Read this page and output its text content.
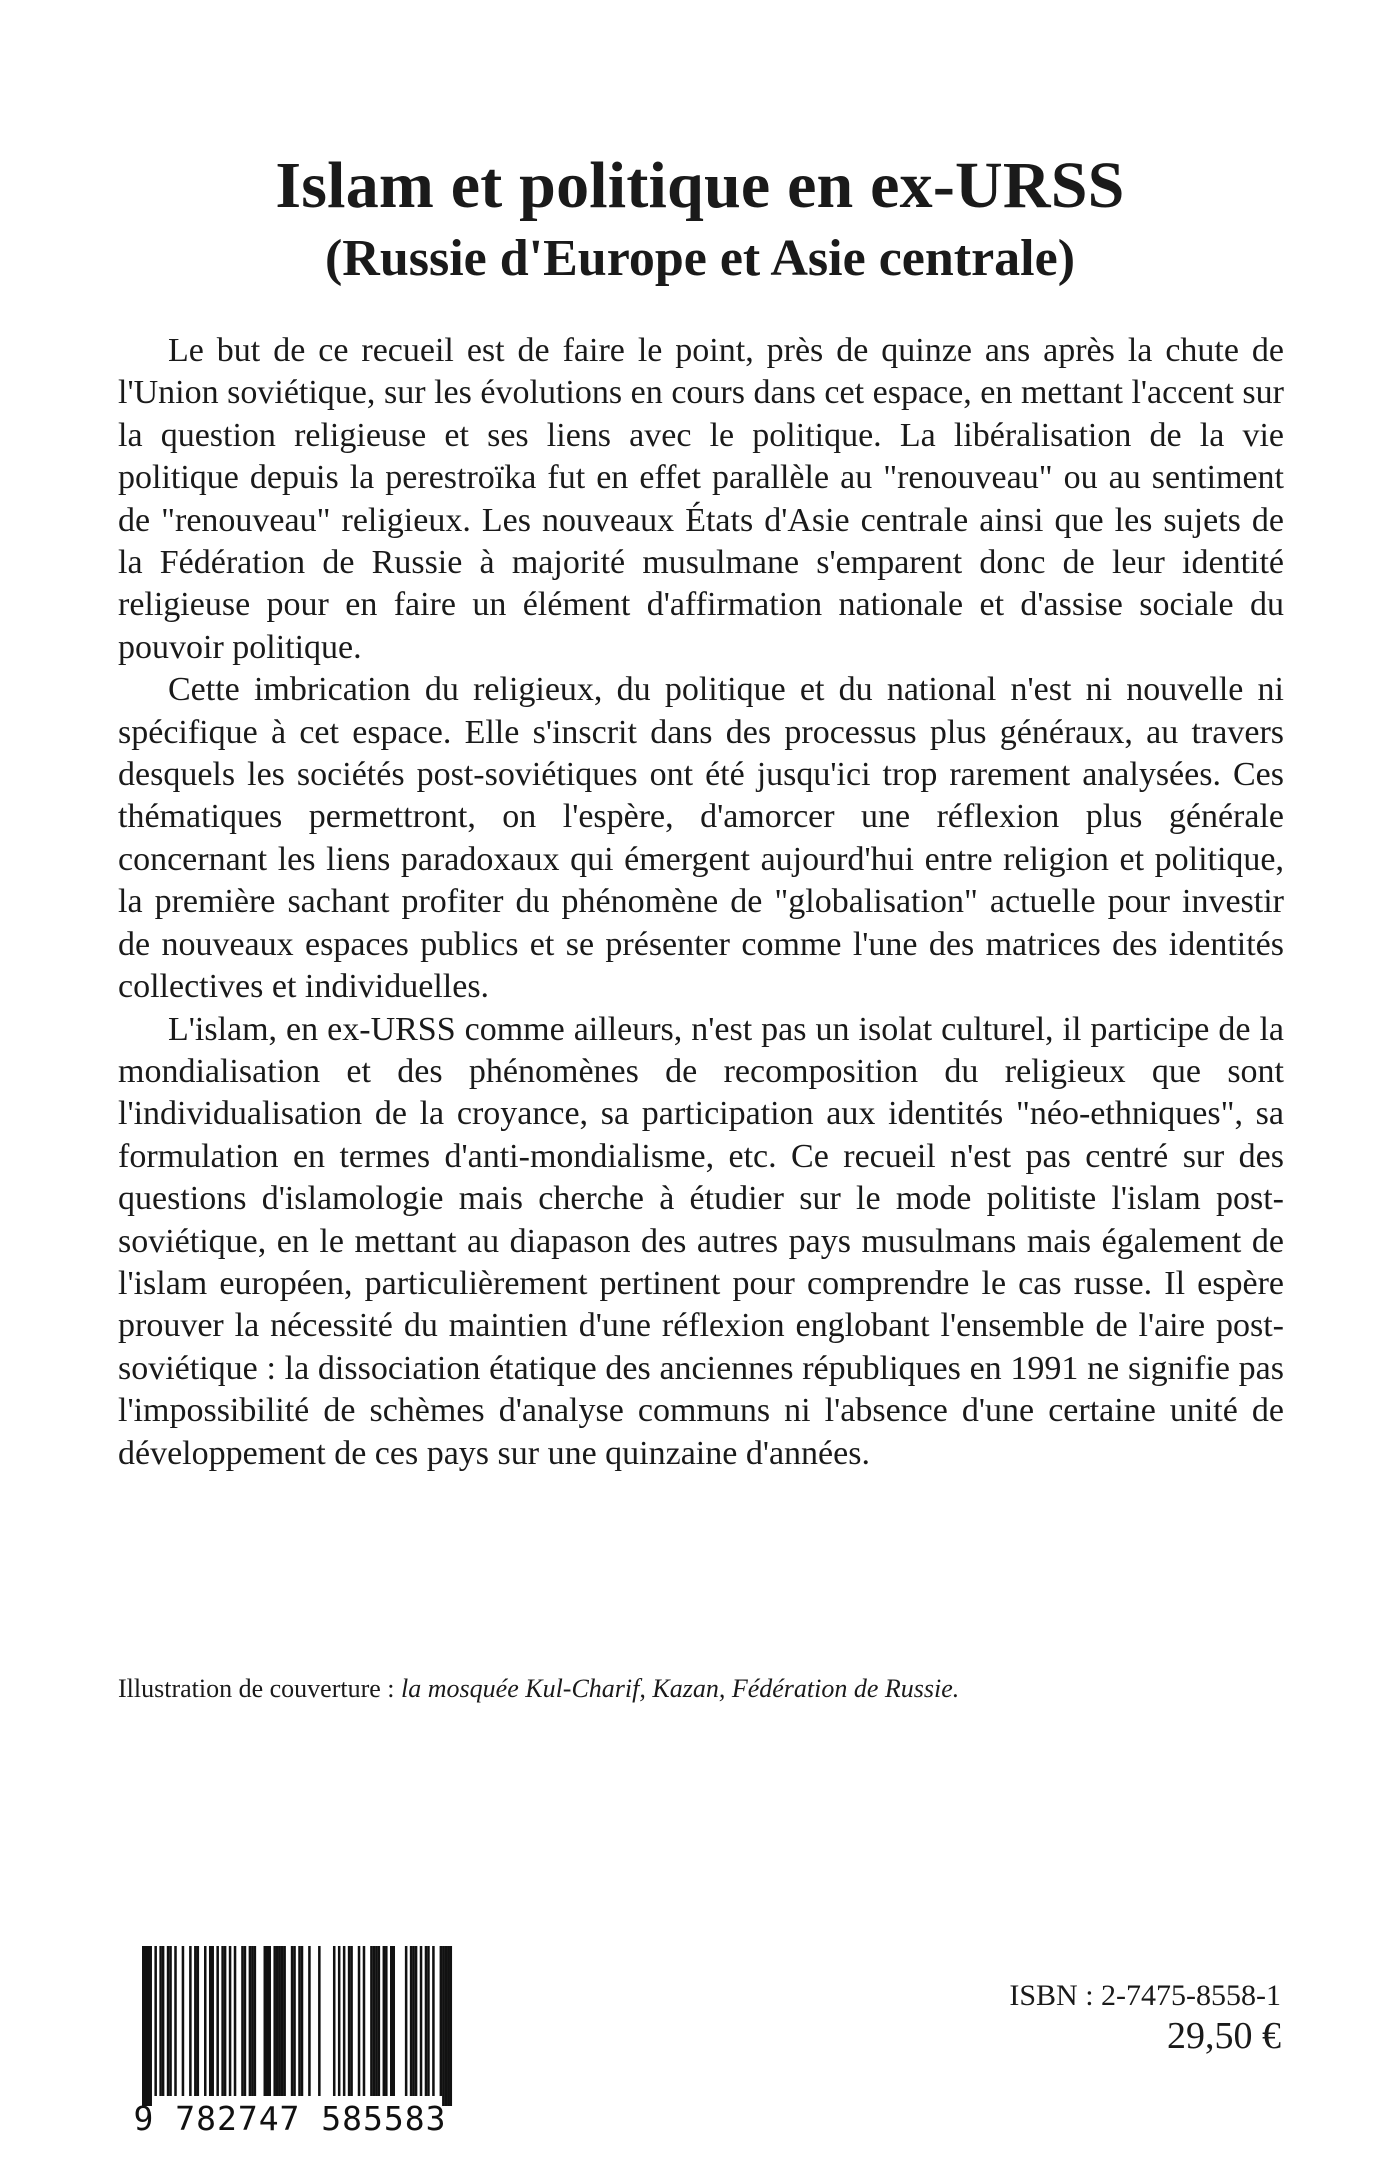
Islam et politique en ex-URSS
(Russie d'Europe et Asie centrale)

Le but de ce recueil est de faire le point, près de quinze ans après la chute de l'Union soviétique, sur les évolutions en cours dans cet espace, en mettant l'accent sur la question religieuse et ses liens avec le politique. La libéralisation de la vie politique depuis la perestroïka fut en effet parallèle au "renouveau" ou au sentiment de "renouveau" religieux. Les nouveaux États d'Asie centrale ainsi que les sujets de la Fédération de Russie à majorité musulmane s'emparent donc de leur identité religieuse pour en faire un élément d'affirmation nationale et d'assise sociale du pouvoir politique.

Cette imbrication du religieux, du politique et du national n'est ni nouvelle ni spécifique à cet espace. Elle s'inscrit dans des processus plus généraux, au travers desquels les sociétés post-soviétiques ont été jusqu'ici trop rarement analysées. Ces thématiques permettront, on l'espère, d'amorcer une réflexion plus générale concernant les liens paradoxaux qui émergent aujourd'hui entre religion et politique, la première sachant profiter du phénomène de "globalisation" actuelle pour investir de nouveaux espaces publics et se présenter comme l'une des matrices des identités collectives et individuelles.

L'islam, en ex-URSS comme ailleurs, n'est pas un isolat culturel, il participe de la mondialisation et des phénomènes de recomposition du religieux que sont l'individualisation de la croyance, sa participation aux identités "néo-ethniques", sa formulation en termes d'anti-mondialisme, etc. Ce recueil n'est pas centré sur des questions d'islamologie mais cherche à étudier sur le mode politiste l'islam post-soviétique, en le mettant au diapason des autres pays musulmans mais également de l'islam européen, particulièrement pertinent pour comprendre le cas russe. Il espère prouver la nécessité du maintien d'une réflexion englobant l'ensemble de l'aire post-soviétique : la dissociation étatique des anciennes républiques en 1991 ne signifie pas l'impossibilité de schèmes d'analyse communs ni l'absence d'une certaine unité de développement de ces pays sur une quinzaine d'années.

Illustration de couverture : la mosquée Kul-Charif, Kazan, Fédération de Russie.
9 782747 585583
ISBN : 2-7475-8558-1
29,50 €
